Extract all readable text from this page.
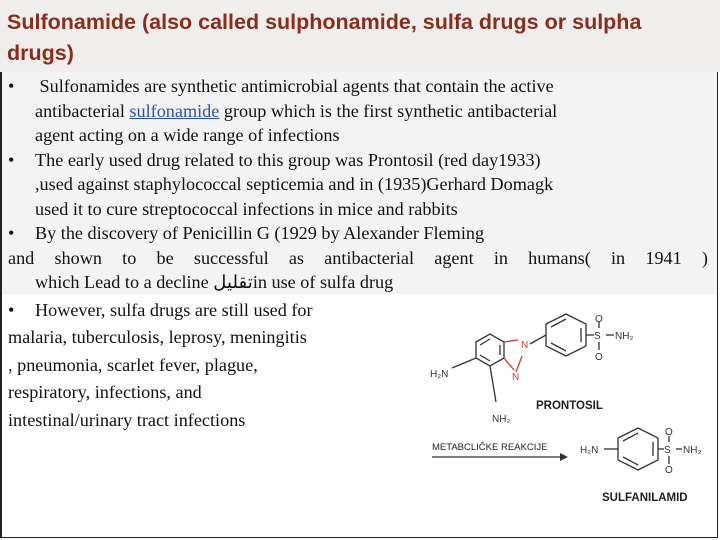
Sulfonamide (also called sulphonamide, sulfa drugs or sulpha drugs)
• Sulfonamides are synthetic antimicrobial agents that contain the active
antibacterial sulfonamide group which is the first synthetic antibacterial
agent acting on a wide range of infections
• The early used drug related to this group was Prontosil (red day1933)
,used against staphylococcal septicemia and in (1935)Gerhard Domagk
used it to cure streptococcal infections in mice and rabbits
• By the discovery of Penicillin G (1929 by Alexander Fleming
and shown to be successful as antibacterial agent in humans( in 1941 )
which Lead to a decline تقليلin use of sulfa drug
• However, sulfa drugs are still used for
malaria, tuberculosis, leprosy, meningitis
, pneumonia, scarlet fever, plague,
respiratory, infections, and
intestinal/urinary tract infections
H₂N
NH₂
N
N
S
O
O
NH₂
PRONTOSIL
METABCLIČKE REAKCIJE	H₂N	S
O
O
NH₂
SULFANILAMID
